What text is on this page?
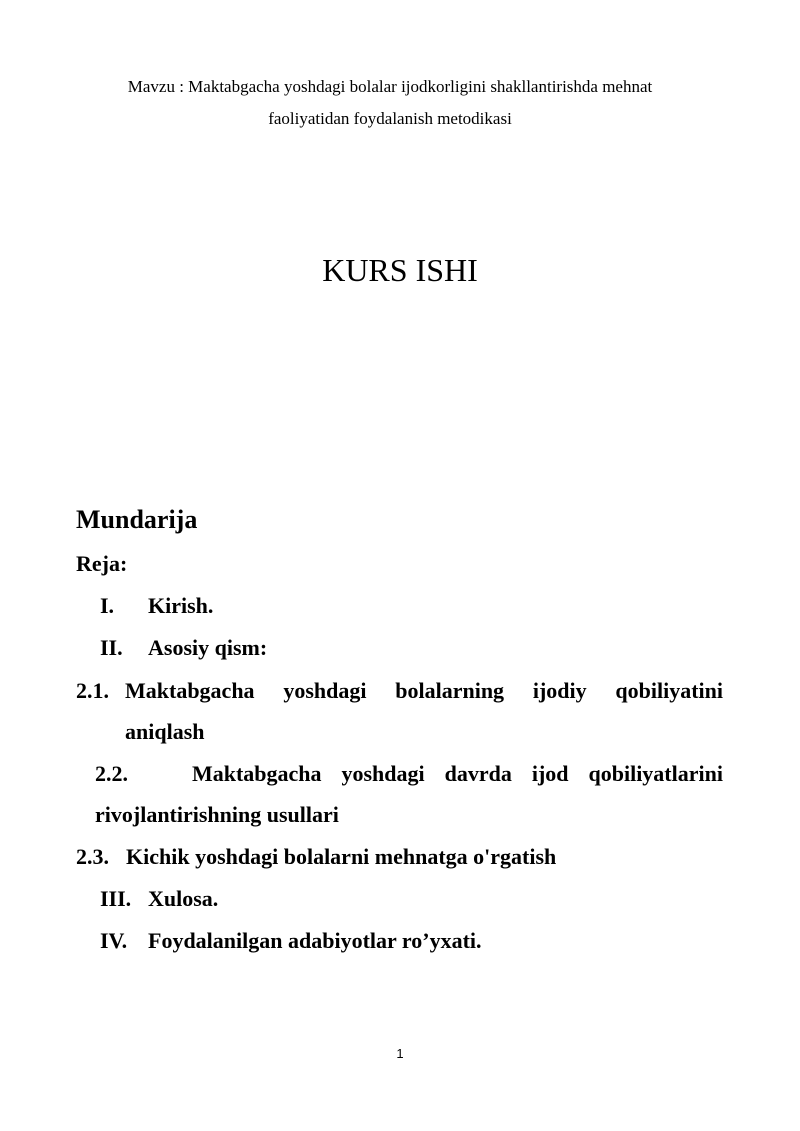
Mavzu : Maktabgacha yoshdagi bolalar ijodkorligini shakllantirishda mehnat
faoliyatidan foydalanish metodikasi
KURS ISHI
Mundarija
Reja:
I. Kirish.
II. Asosiy qism:
2.1. Maktabgacha yoshdagi bolalarning ijodiy qobiliyatini
aniqlash
2.2.	Maktabgacha yoshdagi davrda ijod qobiliyatlarini
rivojlantirishning usullari
2.3. Kichik yoshdagi bolalarni mehnatga o'rgatish
III. Xulosa.
IV. Foydalanilgan adabiyotlar ro’yxati.
1
